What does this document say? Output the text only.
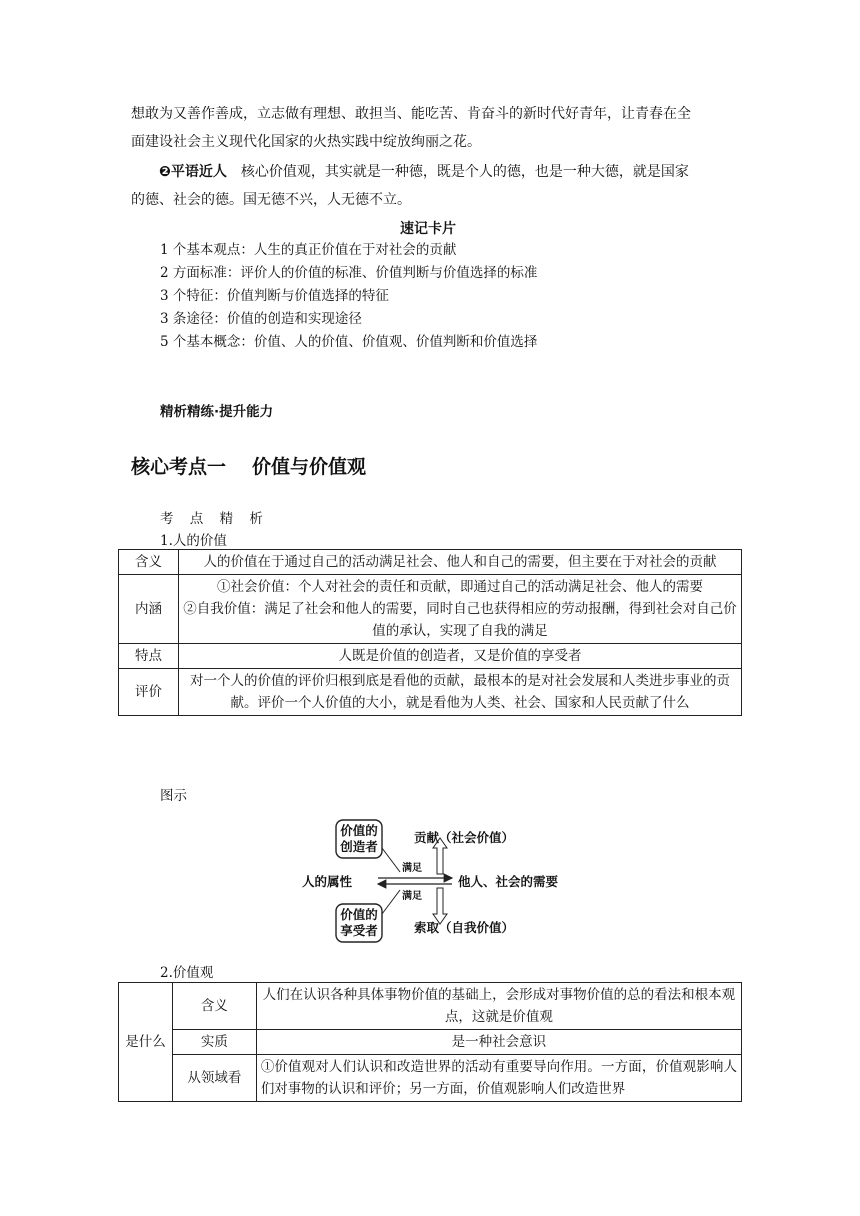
想敢为又善作善成，立志做有理想、敢担当、能吃苦、肯奋斗的新时代好青年，让青春在全
面建设社会主义现代化国家的火热实践中绽放绚丽之花。
❷平语近人 核心价值观，其实就是一种德，既是个人的德，也是一种大德，就是国家
的德、社会的德。国无德不兴，人无德不立。
速记卡片
1 个基本观点：人生的真正价值在于对社会的贡献
2 方面标准：评价人的价值的标准、价值判断与价值选择的标准
3 个特征：价值判断与价值选择的特征
3 条途径：价值的创造和实现途径
5 个基本概念：价值、人的价值、价值观、价值判断和价值选择
精析精练·提升能力
核心考点一 价值与价值观
考 点 精 析
1.人的价值
含义	人的价值在于通过自己的活动满足社会、他人和自己的需要，但主要在于对社会的贡献
内涵	①社会价值：个人对社会的责任和贡献，即通过自己的活动满足社会、他人的需要
②自我价值：满足了社会和他人的需要，同时自己也获得相应的劳动报酬，得到社会对自己价值的承认，实现了自我的满足

特点	人既是价值的创造者，又是价值的享受者
评价	对一个人的价值的评价归根到底是看他的贡献，最根本的是对社会发展和人类进步事业的贡献。评价一个人价值的大小，就是看他为人类、社会、国家和人民贡献了什么
图示
价值的
创造者
价值的
享受者
满足
满足
人的属性	他人、社会的需要
贡献（社会价值）
索取（自我价值）
2.价值观
是什么	含义	人们在认识各种具体事物价值的基础上，会形成对事物价值的总的看法和根本观点，这就是价值观
	实质	是一种社会意识
	从领域看	①价值观对人们认识和改造世界的活动有重要导向作用。一方面，价值观影响人们对事物的认识和评价；另一方面，价值观影响人们改造世界
